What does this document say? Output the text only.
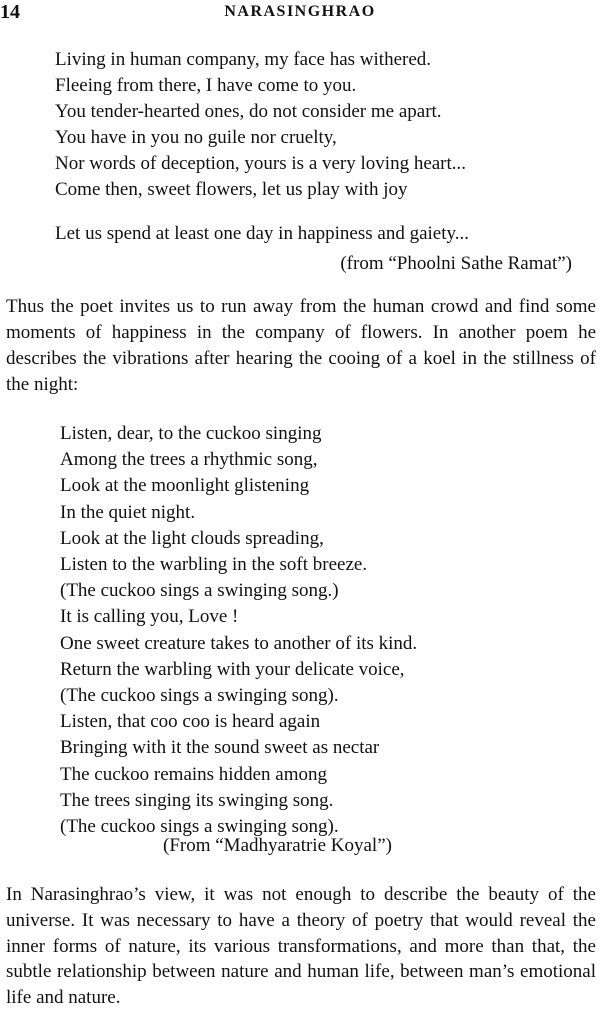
14	NARASINGHRAO
Living in human company, my face has withered.
Fleeing from there, I have come to you.
You tender-hearted ones, do not consider me apart.
You have in you no guile nor cruelty,
Nor words of deception, yours is a very loving heart...
Come then, sweet flowers, let us play with joy
Let us spend at least one day in happiness and gaiety...
(from “Phoolni Sathe Ramat”)
Thus the poet invites us to run away from the human crowd and find some moments of happiness in the company of flowers. In another poem he describes the vibrations after hearing the cooing of a koel in the stillness of the night:
Listen, dear, to the cuckoo singing
Among the trees a rhythmic song,
Look at the moonlight glistening
In the quiet night.
Look at the light clouds spreading,
Listen to the warbling in the soft breeze.
(The cuckoo sings a swinging song.)
It is calling you, Love !
One sweet creature takes to another of its kind.
Return the warbling with your delicate voice,
(The cuckoo sings a swinging song).
Listen, that coo coo is heard again
Bringing with it the sound sweet as nectar
The cuckoo remains hidden among
The trees singing its swinging song.
(The cuckoo sings a swinging song).
(From “Madhyaratrie Koyal”)
In Narasinghrao’s view, it was not enough to describe the beauty of the universe. It was necessary to have a theory of poetry that would reveal the inner forms of nature, its various transformations, and more than that, the subtle relationship between nature and human life, between man’s emotional life and nature.
